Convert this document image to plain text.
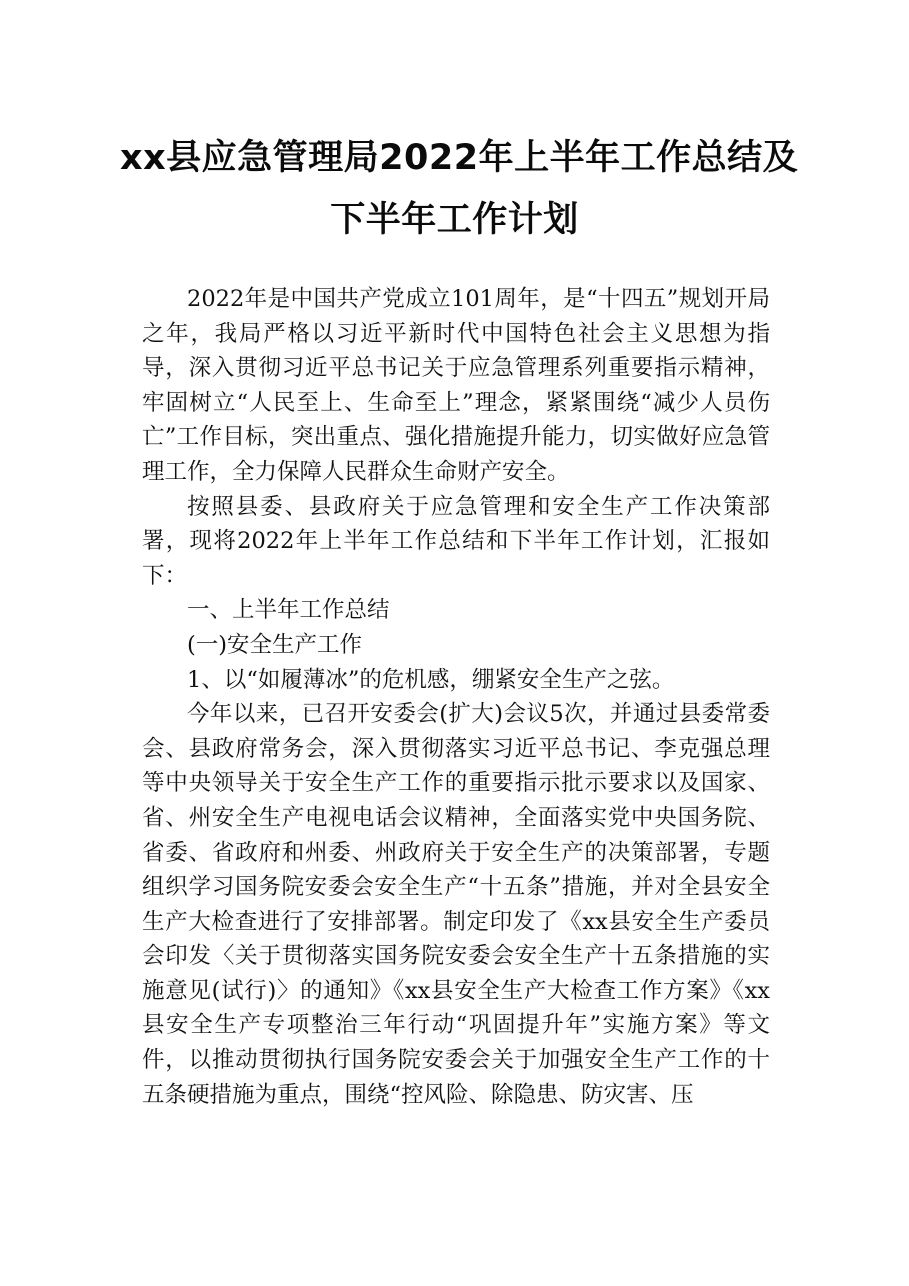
xx县应急管理局2022年上半年工作总结及
下半年工作计划

2022年是中国共产党成立101周年，是“十四五”规划开局之年，我局严格以习近平新时代中国特色社会主义思想为指导，深入贯彻习近平总书记关于应急管理系列重要指示精神，牢固树立“人民至上、生命至上”理念，紧紧围绕“减少人员伤亡”工作目标，突出重点、强化措施提升能力，切实做好应急管理工作，全力保障人民群众生命财产安全。

按照县委、县政府关于应急管理和安全生产工作决策部署，现将2022年上半年工作总结和下半年工作计划，汇报如下：

一、上半年工作总结

(一)安全生产工作

1、以“如履薄冰”的危机感，绷紧安全生产之弦。

今年以来，已召开安委会(扩大)会议5次，并通过县委常委会、县政府常务会，深入贯彻落实习近平总书记、李克强总理等中央领导关于安全生产工作的重要指示批示要求以及国家、省、州安全生产电视电话会议精神，全面落实党中央国务院、省委、省政府和州委、州政府关于安全生产的决策部署，专题组织学习国务院安委会安全生产“十五条”措施，并对全县安全生产大检查进行了安排部署。制定印发了《xx县安全生产委员会印发〈关于贯彻落实国务院安委会安全生产十五条措施的实施意见(试行)〉的通知》《xx县安全生产大检查工作方案》《xx县安全生产专项整治三年行动“巩固提升年”实施方案》等文件，以推动贯彻执行国务院安委会关于加强安全生产工作的十五条硬措施为重点，围绕“控风险、除隐患、防灾害、压
